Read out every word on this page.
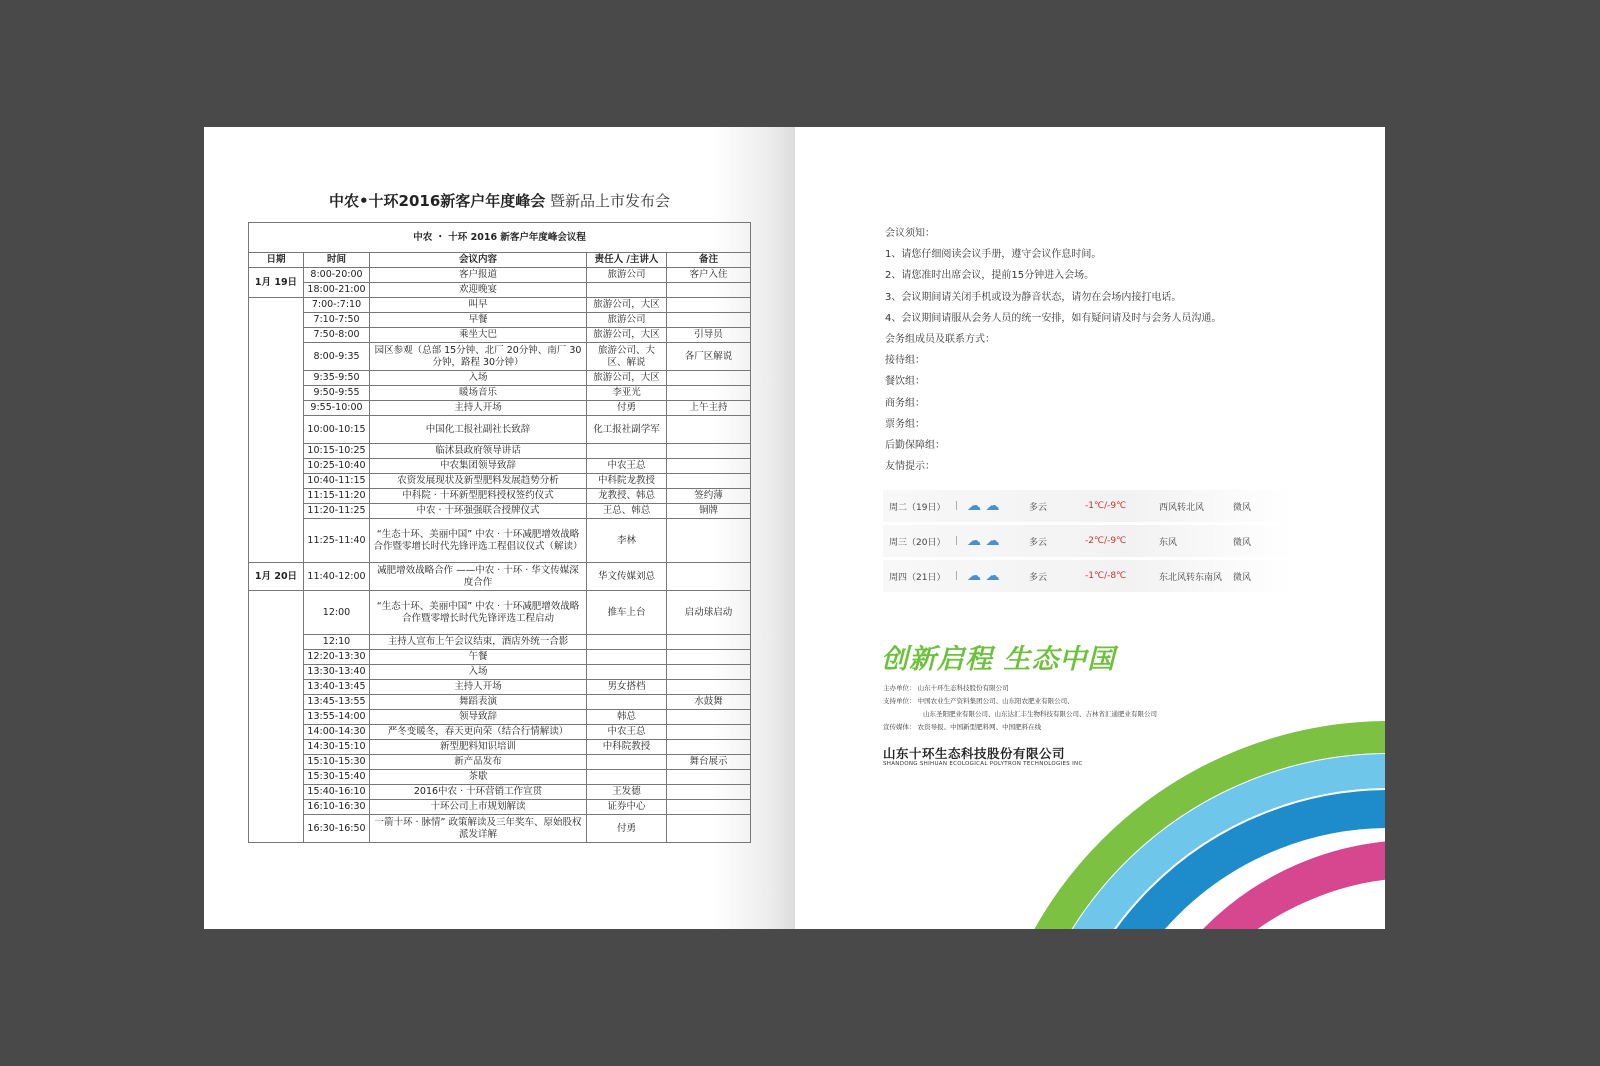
中农•十环2016新客户年度峰会 暨新品上市发布会
中农 ・ 十环 2016 新客户年度峰会议程				
日期	时间	会议内容	责任人 /主讲人	备注
1月 19日	8:00-20:00	客户报道	旅游公司	客户入住
	18:00-21:00	欢迎晚宴		
	7:00-:7:10	叫早	旅游公司，大区	
	7:10-7:50	早餐	旅游公司	
	7:50-8:00	乘坐大巴	旅游公司，大区	引导员
	8:00-9:35	园区参观（总部 15分钟、北厂 20分钟、南厂 30分钟，路程 30分钟）	旅游公司、大区、解说	各厂区解说
	9:35-9:50	入场	旅游公司，大区	
	9:50-9:55	暖场音乐	李亚光	
	9:55-10:00	主持人开场	付勇	上午主持
	10:00-10:15	中国化工报社副社长致辞	化工报社副学军	
	10:15-10:25	临沭县政府领导讲话		
	10:25-10:40	中农集团领导致辞	中农王总	
	10:40-11:15	农资发展现状及新型肥料发展趋势分析	中科院龙教授	
	11:15-11:20	中科院 · 十环新型肥料授权签约仪式	龙教授、韩总	签约薄
	11:20-11:25	中农 · 十环强强联合授牌仪式	王总、韩总	铜牌
	11:25-11:40	“生态十环、美丽中国” 中农 · 十环减肥增效战略合作暨零增长时代先锋评选工程倡议仪式（解读）	李林	
1月 20日	11:40-12:00	减肥增效战略合作 ——中农 · 十环 · 华文传媒深度合作	华文传媒刘总	
	12:00	“生态十环、美丽中国” 中农 · 十环减肥增效战略合作暨零增长时代先锋评选工程启动	推车上台	启动球启动
	12:10	主持人宣布上午会议结束，酒店外统一合影		
	12:20-13:30	午餐		
	13:30-13:40	入场		
	13:40-13:45	主持人开场	男女搭档	
	13:45-13:55	舞蹈表演		水鼓舞
	13:55-14:00	领导致辞	韩总	
	14:00-14:30	严冬变暖冬，春天更向荣（结合行情解读）	中农王总	
	14:30-15:10	新型肥料知识培训	中科院教授	
	15:10-15:30	新产品发布		舞台展示
	15:30-15:40	茶歇		
	15:40-16:10	2016中农 · 十环营销工作宣贯	王发德	
	16:10-16:30	十环公司上市规划解读	证券中心	
	16:30-16:50	一箭十环 · 脉情” 政策解读及三年奖车、原始股权派发详解	付勇	
会议须知：
1、请您仔细阅读会议手册，遵守会议作息时间。
2、请您准时出席会议，提前15分钟进入会场。
3、会议期间请关闭手机或设为静音状态，请勿在会场内接打电话。
4、会议期间请服从会务人员的统一安排，如有疑问请及时与会务人员沟通。
会务组成员及联系方式：
接待组：
餐饮组：
商务组：
票务组：
后勤保障组：
友情提示：
周二（19日）	| ☁ ☁	多云	-1℃/-9℃	西风转北风	微风
周三（20日）	| ☁ ☁	多云	-2℃/-9℃	东风	微风
周四（21日）	| ☁ ☁	多云	-1℃/-8℃	东北风转东南风	微风
创新启程 生态中国
主办单位： 山东十环生态科技股份有限公司
支持单位： 中国农业生产资料集团公司、山东阳农肥业有限公司、
山东圣阳肥业有限公司、山东达汇丰生物科技有限公司、吉林省汇通肥业有限公司
宣传媒体： 农资导报、中国新型肥料网、中国肥料在线
山东十环生态科技股份有限公司
SHANDONG SHIHUAN ECOLOGICAL POLYTRON TECHNOLOGIES INC
